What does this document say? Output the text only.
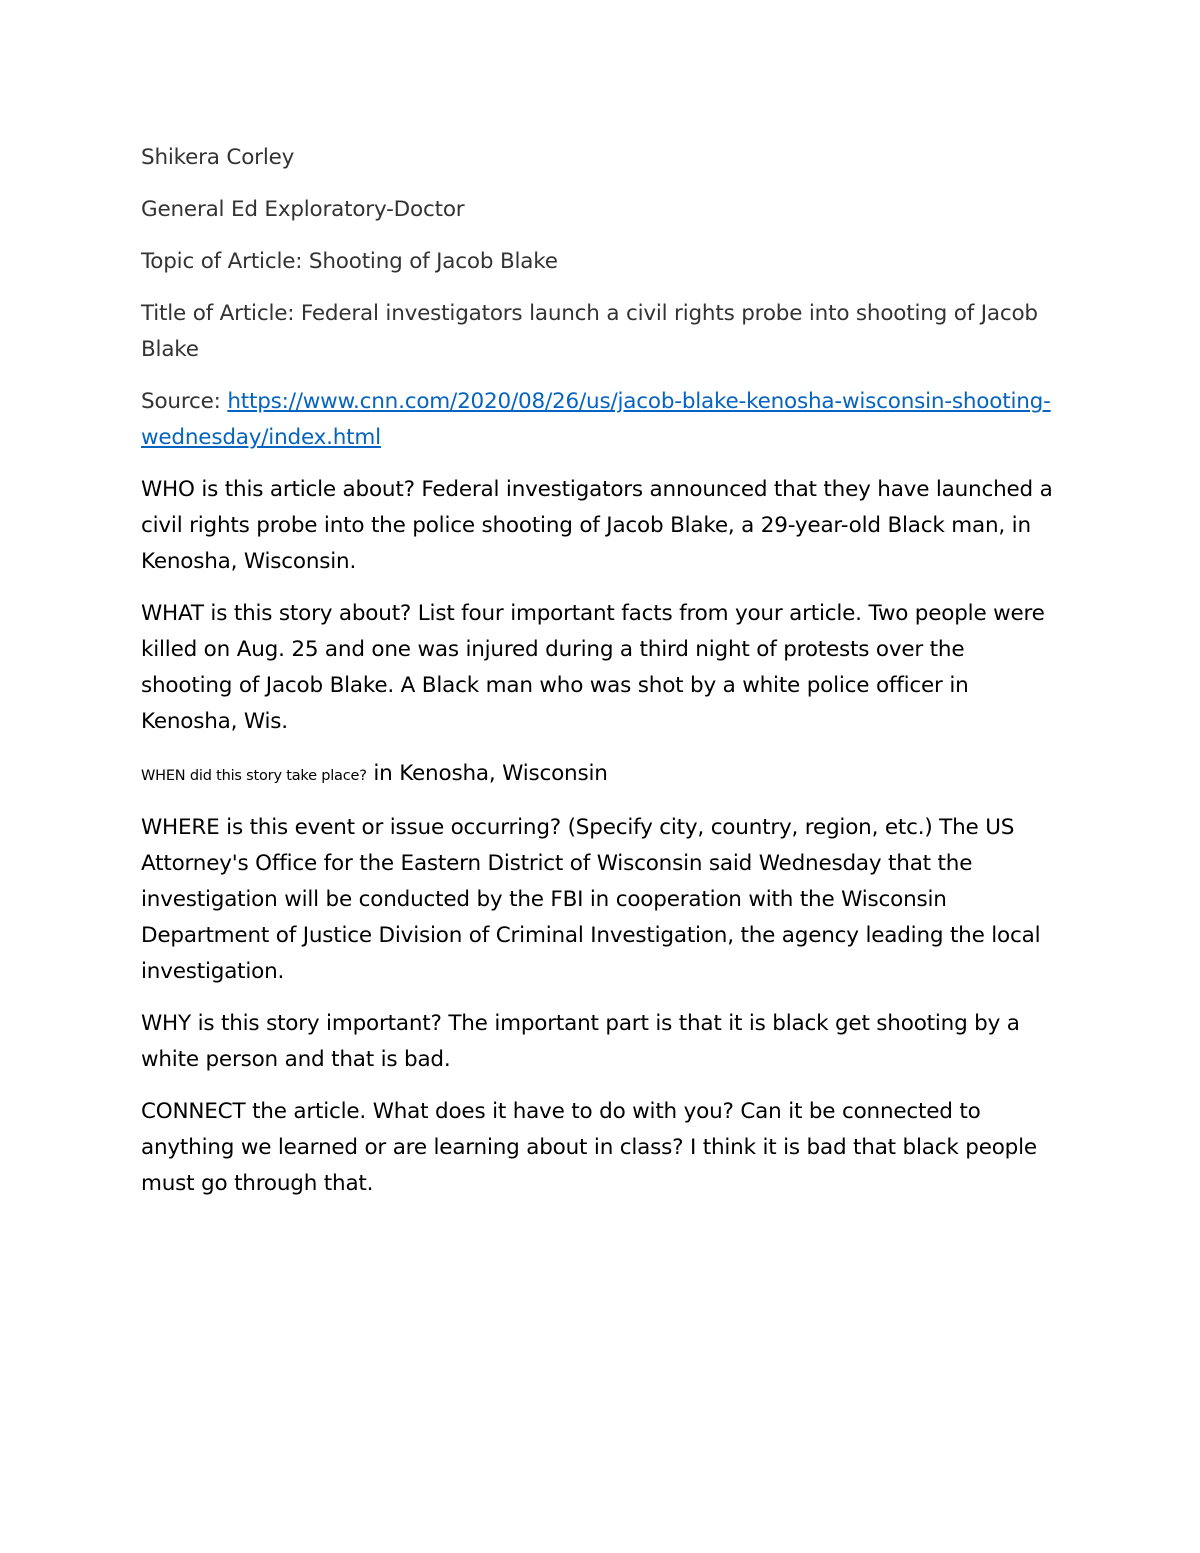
Shikera Corley

General Ed Exploratory-Doctor

Topic of Article: Shooting of Jacob Blake

Title of Article: Federal investigators launch a civil rights probe into shooting of Jacob Blake

Source: https://www.cnn.com/2020/08/26/us/jacob-blake-kenosha-wisconsin-shooting-wednesday/index.html

WHO is this article about? Federal investigators announced that they have launched a civil rights probe into the police shooting of Jacob Blake, a 29-year-old Black man, in Kenosha, Wisconsin.

WHAT is this story about? List four important facts from your article. Two people were killed on Aug. 25 and one was injured during a third night of protests over the shooting of Jacob Blake. A Black man who was shot by a white police officer in Kenosha, Wis.

WHEN did this story take place? in Kenosha, Wisconsin

WHERE is this event or issue occurring? (Specify city, country, region, etc.) The US Attorney's Office for the Eastern District of Wisconsin said Wednesday that the investigation will be conducted by the FBI in cooperation with the Wisconsin Department of Justice Division of Criminal Investigation, the agency leading the local investigation.

WHY is this story important? The important part is that it is black get shooting by a white person and that is bad.

CONNECT the article. What does it have to do with you? Can it be connected to anything we learned or are learning about in class? I think it is bad that black people must go through that.
